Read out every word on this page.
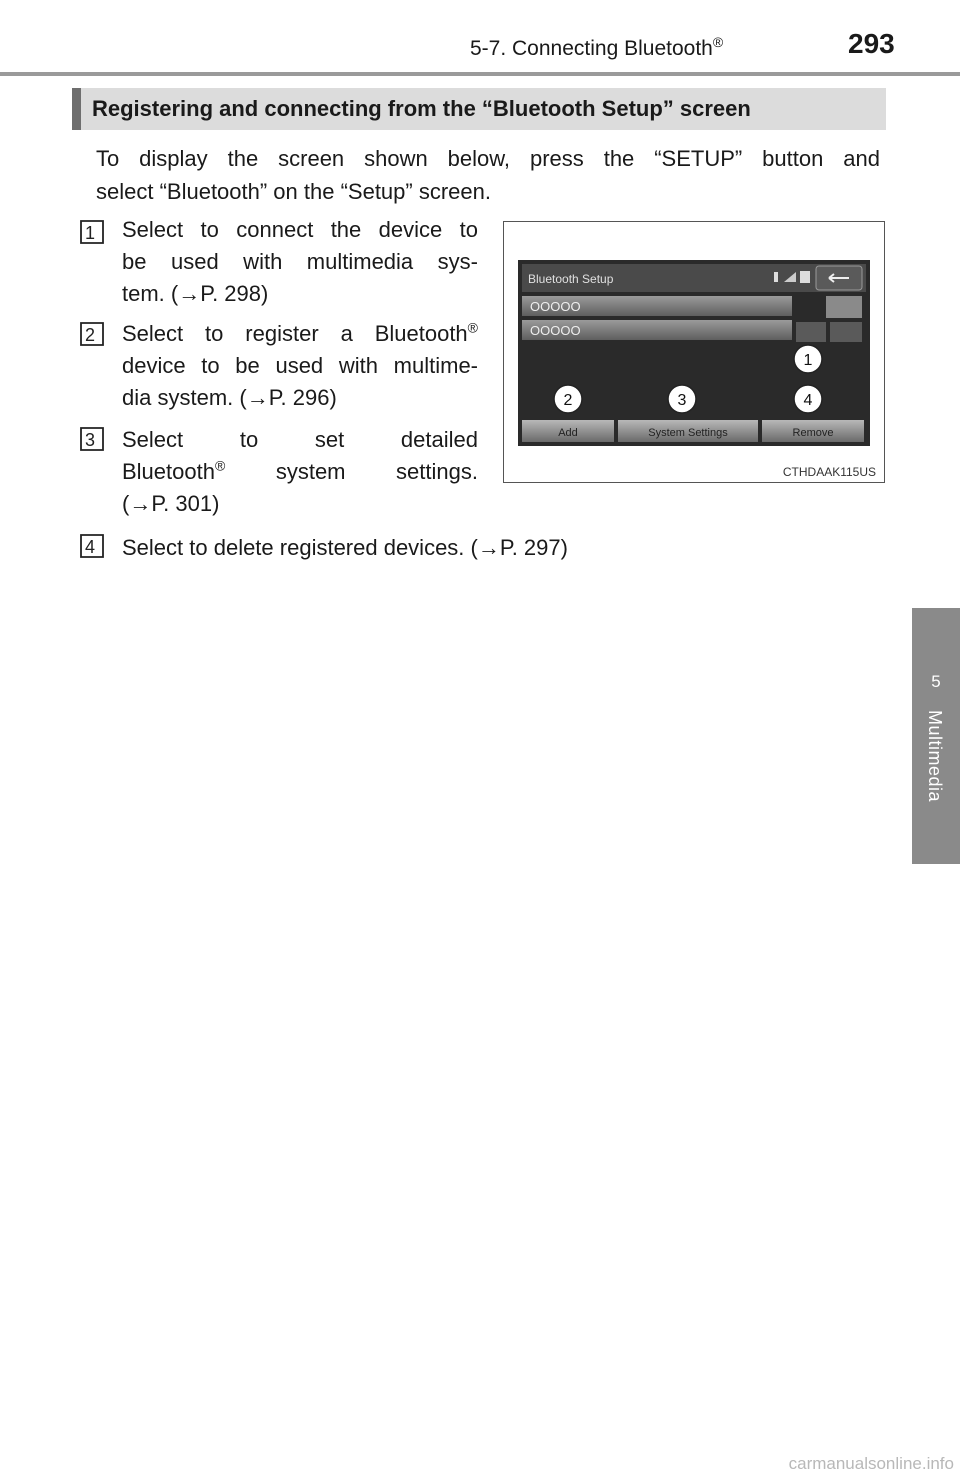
5-7. Connecting Bluetooth®	293
5
Multimedia
Registering and connecting from the “Bluetooth Setup” screen
To display the screen shown below, press the “SETUP” button and
select “Bluetooth” on the “Setup” screen.
1 Select to connect the device to
be used with multimedia sys-
tem. (→P. 298)
2 Select to register a Bluetooth®
device to be used with multime-
dia system. (→P. 296)
3 Select to set detailed
Bluetooth® system settings.
(→P. 301)
4 Select to delete registered devices. (→P. 297)
Bluetooth Setup
OOOOO
OOOOO
Add	System Settings	Remove
1
2	3	4
CTHDAAK115US
carmanualsonline.info
